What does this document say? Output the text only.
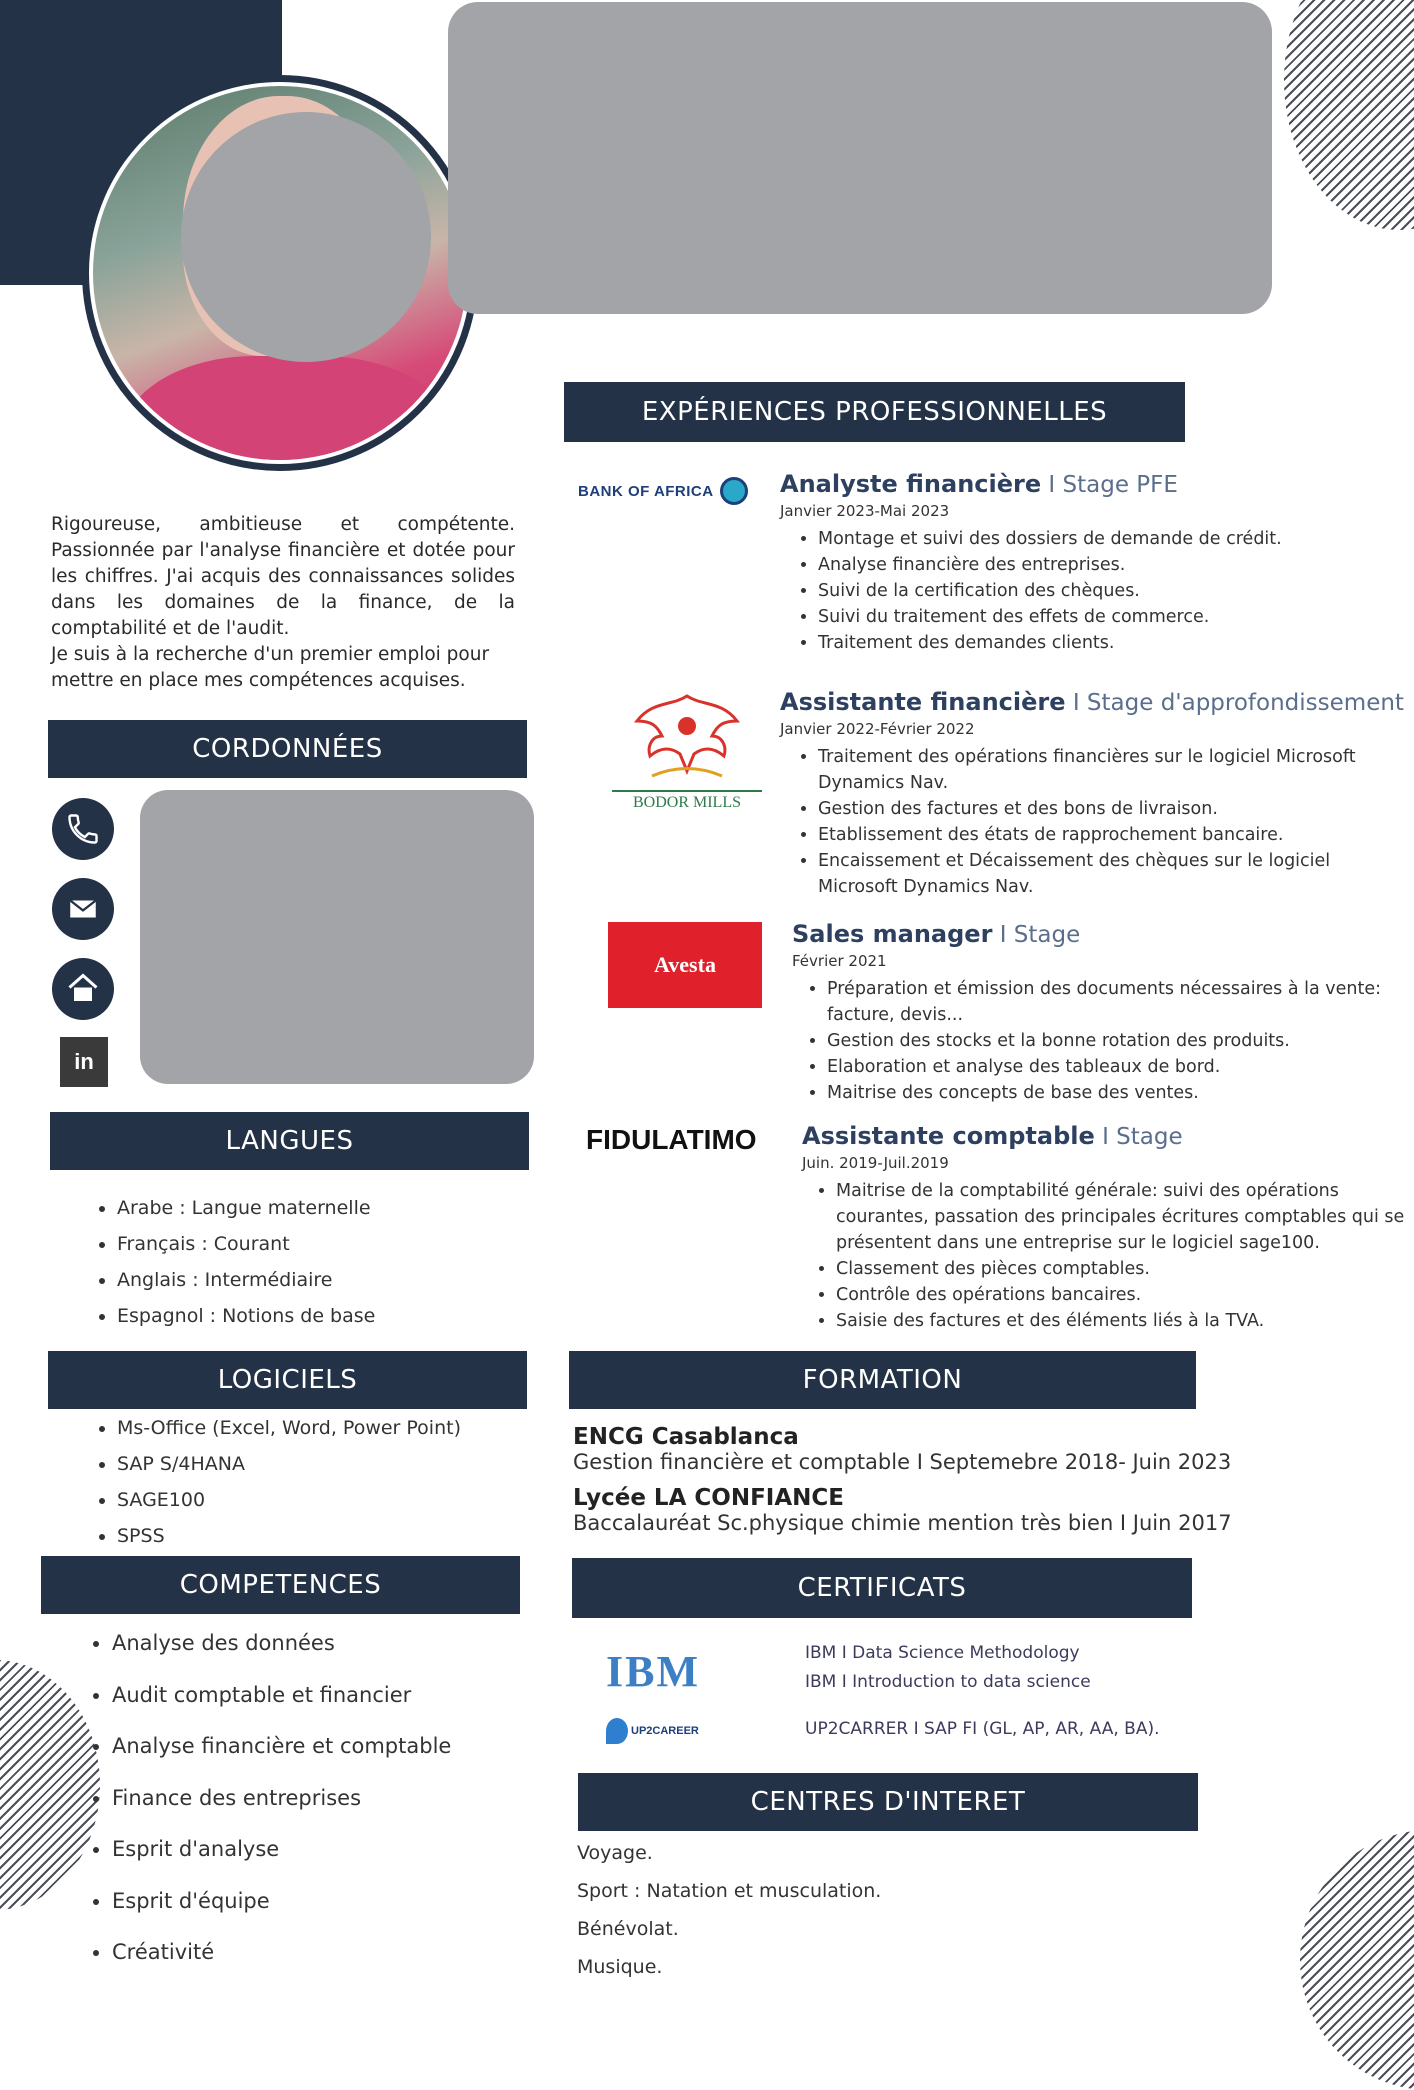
Rigoureuse, ambitieuse et compétente. Passionnée par l'analyse financière et dotée pour les chiffres. J'ai acquis des connaissances solides dans les domaines de la finance, de la comptabilité et de l'audit.

Je suis à la recherche d'un premier emploi pour mettre en place mes compétences acquises.

CORDONNÉES
in
LANGUES
• Arabe : Langue maternelle
• Français : Courant
• Anglais : Intermédiaire
• Espagnol : Notions de base
LOGICIELS
• Ms-Office (Excel, Word, Power Point)
• SAP S/4HANA
• SAGE100
• SPSS
COMPETENCES
• Analyse des données
• Audit comptable et financier
• Analyse financière et comptable
• Finance des entreprises
• Esprit d'analyse
• Esprit d'équipe
• Créativité
EXPÉRIENCES PROFESSIONNELLES
BANK OF AFRICA	Analyste financière I Stage PFE
Janvier 2023-Mai 2023
• Montage et suivi des dossiers de demande de crédit.
• Analyse financière des entreprises.
• Suivi de la certification des chèques.
• Suivi du traitement des effets de commerce.
• Traitement des demandes clients.
BODOR MILLS
Assistante financière I Stage d'approfondissement
Janvier 2022-Février 2022
• Traitement des opérations financières sur le logiciel Microsoft Dynamics Nav.
• Gestion des factures et des bons de livraison.
• Etablissement des états de rapprochement bancaire.
• Encaissement et Décaissement des chèques sur le logiciel Microsoft Dynamics Nav.
Avesta
Sales manager I Stage
Février 2021
• Préparation et émission des documents nécessaires à la vente: facture, devis...
• Gestion des stocks et la bonne rotation des produits.
• Elaboration et analyse des tableaux de bord.
• Maitrise des concepts de base des ventes.
FIDULATIMO Assistante comptable I Stage
Juin. 2019-Juil.2019
• Maitrise de la comptabilité générale: suivi des opérations courantes, passation des principales écritures comptables qui se présentent dans une entreprise sur le logiciel sage100.
• Classement des pièces comptables.
• Contrôle des opérations bancaires.
• Saisie des factures et des éléments liés à la TVA.
FORMATION
ENCG Casablanca
Gestion financière et comptable I Septemebre 2018- Juin 2023
Lycée LA CONFIANCE
Baccalauréat Sc.physique chimie mention très bien I Juin 2017
CERTIFICATS
IBM	IBM I Data Science Methodology
IBM I Introduction to data science
UP2CAREER	UP2CARRER I SAP FI (GL, AP, AR, AA, BA).
CENTRES D'INTERET
Voyage.
Sport : Natation et musculation.
Bénévolat.
Musique.
